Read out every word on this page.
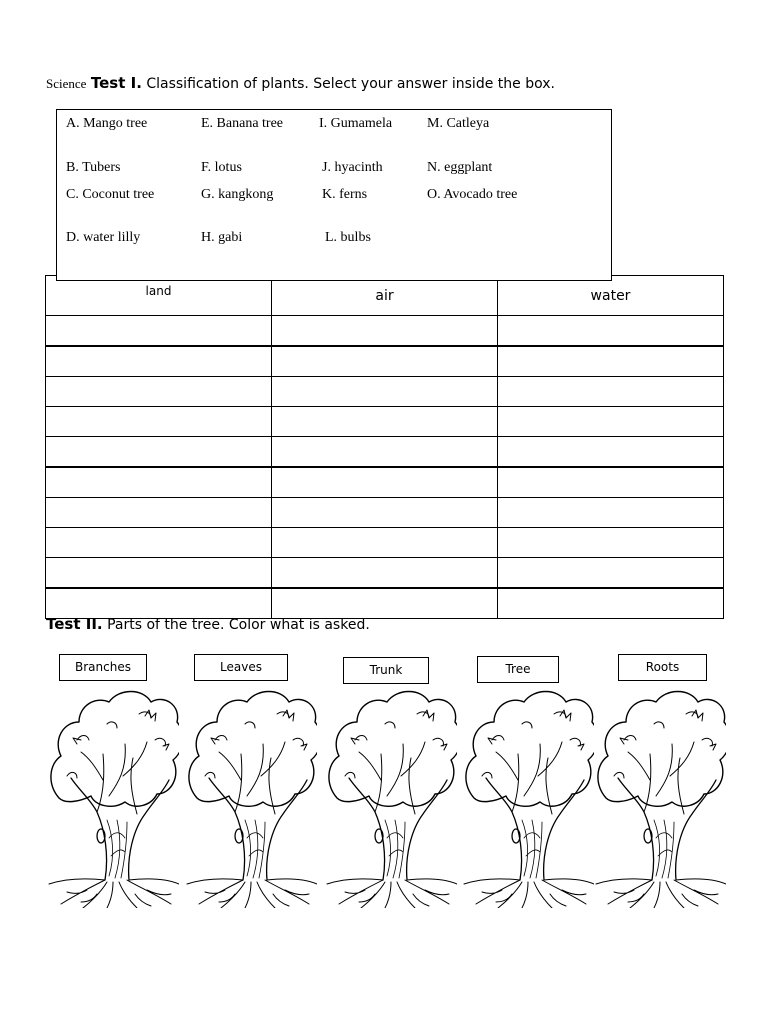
Science Test I. Classification of plants. Select your answer inside the box.
A. Mango tree	E. Banana tree	I. Gumamela M. Catleya
B. Tubers	F. lotus	J. hyacinth	N. eggplant
C. Coconut tree	G. kangkong	K. ferns	O. Avocado tree
D. water lilly	H. gabi	L. bulbs
land	air	water

Test II. Parts of the tree. Color what is asked.
Branches	Leaves	Trunk	Tree	Roots
